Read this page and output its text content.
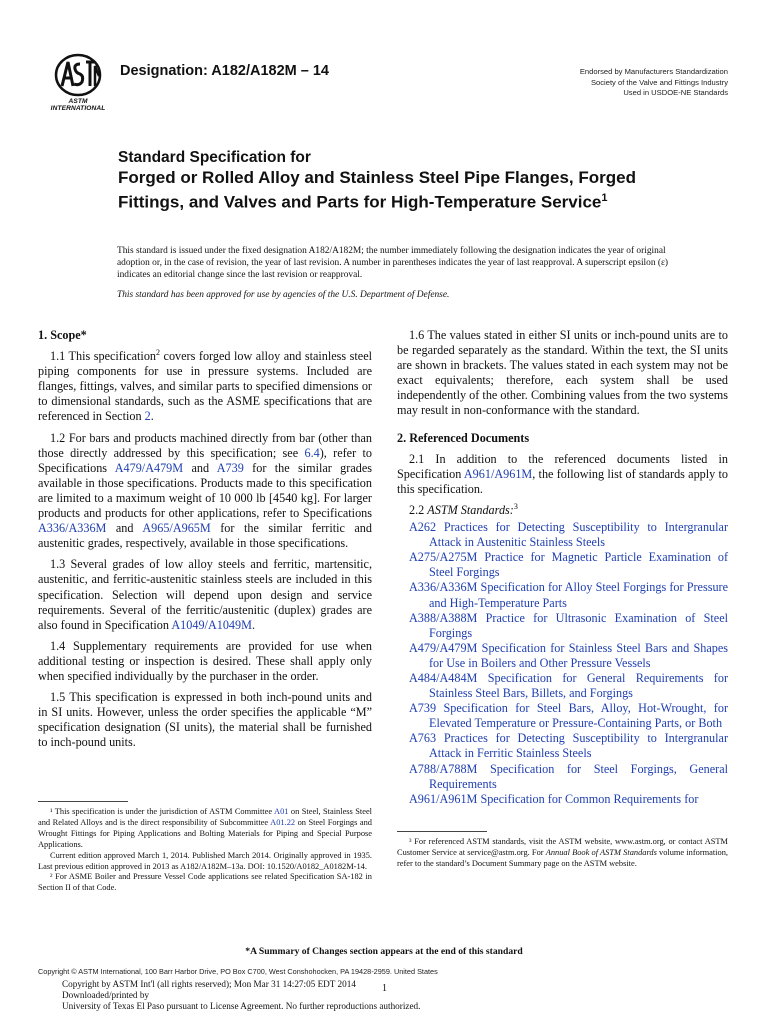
ASTM INTERNATIONAL
Designation: A182/A182M – 14	Endorsed by Manufacturers Standardization
Society of the Valve and Fittings Industry
Used in USDOE-NE Standards
Standard Specification for
Forged or Rolled Alloy and Stainless Steel Pipe Flanges, Forged Fittings, and Valves and Parts for High-Temperature Service$^1$
This standard is issued under the fixed designation A182/A182M; the number immediately following the designation indicates the year of original adoption or, in the case of revision, the year of last revision. A number in parentheses indicates the year of last reapproval. A superscript epsilon (ε) indicates an editorial change since the last revision or reapproval.
This standard has been approved for use by agencies of the U.S. Department of Defense.
1. Scope*

1.1 This specification$^2$ covers forged low alloy and stainless steel piping components for use in pressure systems. Included are flanges, fittings, valves, and similar parts to specified dimensions or to dimensional standards, such as the ASME specifications that are referenced in Section 2.

1.2 For bars and products machined directly from bar (other than those directly addressed by this specification; see 6.4), refer to Specifications A479/A479M and A739 for the similar grades available in those specifications. Products made to this specification are limited to a maximum weight of 10 000 lb [4540 kg]. For larger products and products for other applications, refer to Specifications A336/A336M and A965/A965M for the similar ferritic and austenitic grades, respectively, available in those specifications.

1.3 Several grades of low alloy steels and ferritic, martensitic, austenitic, and ferritic-austenitic stainless steels are included in this specification. Selection will depend upon design and service requirements. Several of the ferritic/austenitic (duplex) grades are also found in Specification A1049/A1049M.

1.4 Supplementary requirements are provided for use when additional testing or inspection is desired. These shall apply only when specified individually by the purchaser in the order.

1.5 This specification is expressed in both inch-pound units and in SI units. However, unless the order specifies the applicable “M” specification designation (SI units), the material shall be furnished to inch-pound units.

1.6 The values stated in either SI units or inch-pound units are to be regarded separately as the standard. Within the text, the SI units are shown in brackets. The values stated in each system may not be exact equivalents; therefore, each system shall be used independently of the other. Combining values from the two systems may result in non-conformance with the standard.

2. Referenced Documents

2.1 In addition to the referenced documents listed in Specification A961/A961M, the following list of standards apply to this specification.

2.2 ASTM Standards:$^3$

A262 Practices for Detecting Susceptibility to Intergranular Attack in Austenitic Stainless Steels
A275/A275M Practice for Magnetic Particle Examination of Steel Forgings
A336/A336M Specification for Alloy Steel Forgings for Pressure and High-Temperature Parts
A388/A388M Practice for Ultrasonic Examination of Steel Forgings
A479/A479M Specification for Stainless Steel Bars and Shapes for Use in Boilers and Other Pressure Vessels
A484/A484M Specification for General Requirements for Stainless Steel Bars, Billets, and Forgings
A739 Specification for Steel Bars, Alloy, Hot-Wrought, for Elevated Temperature or Pressure-Containing Parts, or Both
A763 Practices for Detecting Susceptibility to Intergranular Attack in Ferritic Stainless Steels
A788/A788M Specification for Steel Forgings, General Requirements
A961/A961M Specification for Common Requirements for

¹ This specification is under the jurisdiction of ASTM Committee A01 on Steel, Stainless Steel and Related Alloys and is the direct responsibility of Subcommittee A01.22 on Steel Forgings and Wrought Fittings for Piping Applications and Bolting Materials for Piping and Special Purpose Applications.

Current edition approved March 1, 2014. Published March 2014. Originally approved in 1935. Last previous edition approved in 2013 as A182/A182M–13a. DOI: 10.1520/A0182_A0182M-14.

² For ASME Boiler and Pressure Vessel Code applications see related Specification SA-182 in Section II of that Code.

³ For referenced ASTM standards, visit the ASTM website, www.astm.org, or contact ASTM Customer Service at service@astm.org. For Annual Book of ASTM Standards volume information, refer to the standard’s Document Summary page on the ASTM website.

*A Summary of Changes section appears at the end of this standard
Copyright © ASTM International, 100 Barr Harbor Drive, PO Box C700, West Conshohocken, PA 19428-2959. United States
Copyright by ASTM Int'l (all rights reserved); Mon Mar 31 14:27:05 EDT 2014
Downloaded/printed by
University of Texas El Paso pursuant to License Agreement. No further reproductions authorized.
1
